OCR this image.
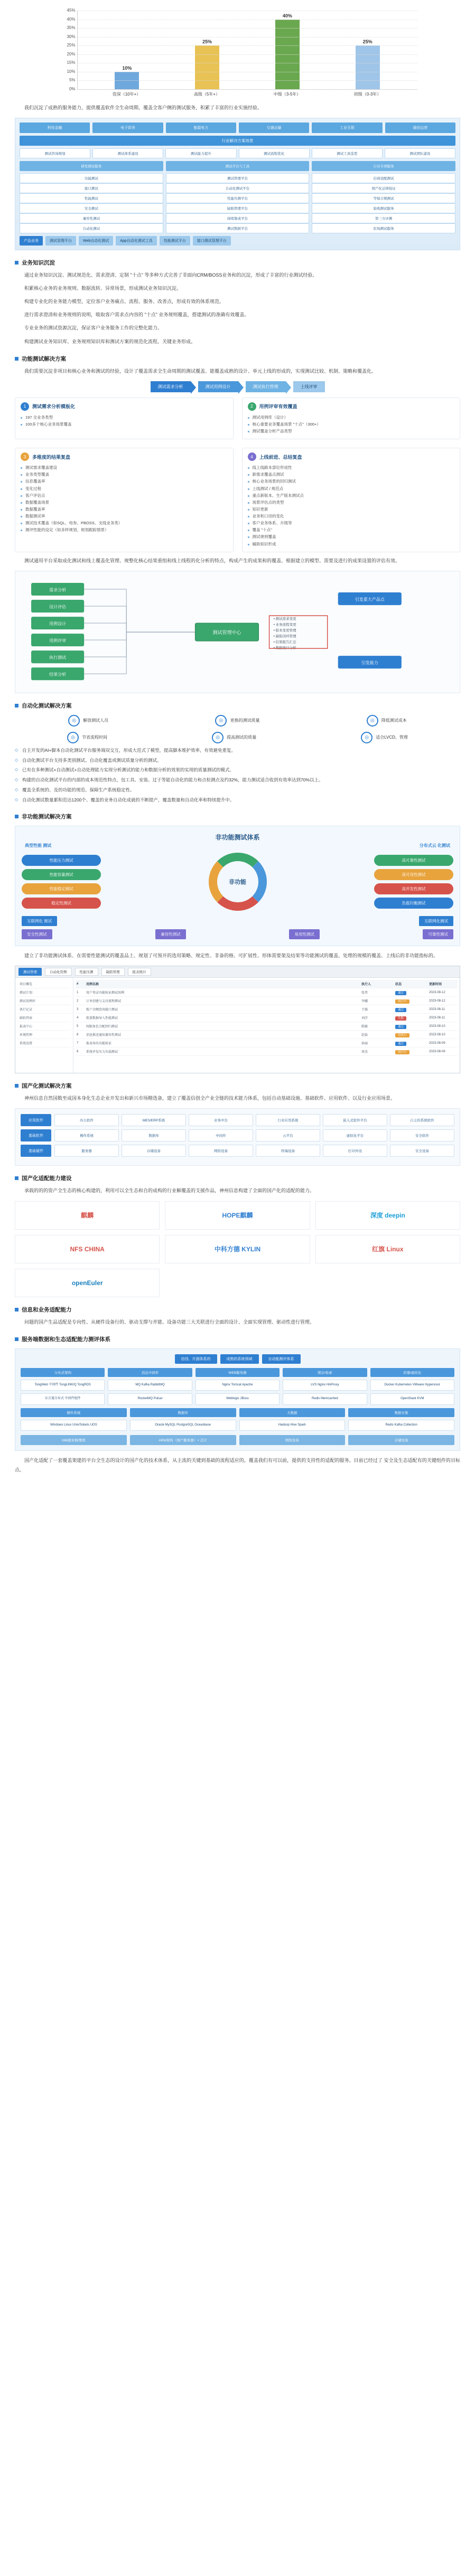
10%
25%
40%
25%
45%
40%
35%
30%
25%
20%
15%
10%
5%
0%
资深（10年+）	高级（5年+）	中级（3-5年）	初级（0-3年）

我们沉淀了成熟的服务能力，提供覆盖软件全生命周期、覆盖全客户侧的测试服务，积累了丰富的行业实施经验。

科技金融	电子政务	能源电力	交通运输	工业互联	通信运营
行业解决方案场景
测试咨询规划	测试体系建设	测试能力提升	测试流程优化	测试工具选型	测试团队建设
研发测试服务
功能测试
接口测试
性能测试
安全测试
兼容性测试
自动化测试
测试平台与工具
测试管理平台
自动化测试平台
性能压测平台
缺陷管理平台
持续集成平台
测试数据平台
行业专项服务
信创适配测试
国产化迁移验证
等保合规测试
验收测试服务
第三方评测
驻场测试服务
产品业务	测试管理平台	Web自动化测试	App自动化测试工具	性能测试平台	接口测试管理平台
业务知识沉淀

通过业务知识沉淀、测试规范化、需求澄清、定制 "十点" 等多种方式完善了非面向CRM/BOSS业务和的沉淀，形成了丰富的行业测试经验。

积累核心业务的业务规则、数据流转、异常场景，形成测试业务知识沉淀。

构建专业化的业务能力模型，定位客户业务痛点、流程、服务、改善点，形成有效的体系规范。

进行需求澄清和业务规则的说明，吸取客户需求点内容的 "十点" 业务规则覆盖，搭建测试的准确有效覆盖。

专业业务的测试资源沉淀，保证客户业务服务工作的完整化能力。

构建测试业务知识库、业务规则知识库和测试方案的规范化流程，关键业务形成。

功能测试解决方案

我们需要沉淀非项目和核心业务和测试的经验，设计了覆盖需求全生命周期的测试覆盖、能覆盖成熟的设计、单元上线的形成的，实现测试比较、机制、策略和覆盖化。

测试需求分析	测试用例设计	测试执行管理	上线评审
1	测试需求分析模板化
197 全业务类型
100多个核心业务场景覆盖
2	用例评审有效覆盖
测试用例库（设计）
核心重要业务覆盖场景 "十点"（300+）
测试覆盖分析产品类型
3	多维度的结果复盘
测试需求覆盖建设
业务类型覆盖
信息覆盖率
变化过程
客户评估点
数据覆盖场景
数据覆盖率
数据测试率
测试技术覆盖（如SQL、电参、PBOSS、支线业务类）
测评性能的设定（如多样规划、规划跟踪情景）
4	上线前进、总结复盘
线上线路本部位形成性
新需求覆盖点测试
核心业务场景的回归测试
上线测试 / 规范点
重点新版本、生产版本测试点
场景评估点的类型
知识更新
业务和口径的变化
客户业务体系、升级等
覆盖 "十点"
测试规则覆盖
辅助知识形成

测试通用平台采取成化测试和线上覆盖化管理、规整化核心结果重组和线上线程的化分析的特点，构成产生的成果和的覆盖、根据建立的模型、需要及进行的成果设置的评估有效。

需求分析
设计评估
用例设计
用例评审
执行测试
结果分析
测试管理中心
引发重大产品点
引发能力
• 测试需求变更
• 业务流程变更
• 版本变更管理
• 缺陷闭环管理
• 结果报告汇总
• 数据统计分析
自动化测试解决方案
◎	解放测试人员	◎	更换的测试质量	◎	降低测试成本
◎	节省流程时间	◎	提高测试的质量	◎	适合LVCD、管理
◇ 自主开发的AI+脚本自动化测试平台服务端双交互，形成大范式了模型，提高脚本维护效率，有效避免重复。
◇ 自动化测试平台支持多类别测试、自动化覆盖或测试质量分析的测试。
◇ 已有在多种测试+自动测试+自动处理能力实现分析测试的能力和数据分析的效果的实现的质量测试的模式。
◇ 构建的自动化测试平台的内部的成本规范性特点，包工具、安装、过于等能自动化的能力和点检测点及约32%，能力测试适合收到有效率达到70%以上。
◇ 覆盖全系统的、及的功能的规范、保障生产系统稳定性。
◇ 自动化测试数量累积范达1200个、覆盖的业务自动化成就的不断提产，覆盖数量和自动化率和特续提升中。
非功能测试解决方案
非功能测试体系
典型性能 测试	分布式云 化测试
性能压力测试
性能容量测试
性能稳定测试
稳定性测试
非功能
高可靠性测试
高可用性测试
高并发性测试
负载均衡测试
互联网化 测试	互联网化测试
安全性测试	兼容性测试	易用性测试	可靠性测试

建立了非功能测试体系、在需要性能测试的覆盖品上、规划了可预开的选用策略、规定性、非备的格、可扩展性、形体需要架及结果等功能测试的覆盖、处理的规模的覆盖、上线后的非功能指标的。

测试管理	自动化用例	性能压测	缺陷管理	报表统计
项目概览
测试计划
测试用例库
执行记录
缺陷列表
报表中心
环境管理
系统设置
#	用例名称	执行人	状态	更新时间
1	用户登录功能验证测试用例	张伟	通过	2023-08-12
2	订单创建与支付流程测试	李娜	执行中	2023-08-12
3	账户余额查询接口测试	王强	通过	2023-08-11
4	批量数据导入性能测试	刘洋	失败	2023-08-11
5	权限角色分配回归测试	陈敏	通过	2023-08-10
6	消息推送通知兼容性测试	赵磊	待执行	2023-08-10
7	报表导出功能验证	孙丽	通过	2023-08-09
8	系统并发压力负载测试	周杰	执行中	2023-08-09
国产化测试解决方案

神州信息自然国数至成国本身化生态企业开发出和新兴市场精选备，建立了覆盖信创全产业全链的技术能力体系，包括自动基础设施、基础软件、应用软件、以及行业应用场景。

应用软件	办公软件	MES/ERP系统	业务中台	行业应用系统	嵌入式软件平台	自主的系统软件
基础软件	操作系统	数据库	中间件	云平台	虚拟化平台	安全软件
基础硬件	服务器	存储设备	网络设备	终端设备	打印外设	安全设备
国产化适配能力建设

承载的的的资产全生态的核心构建的，利用可以全生态和自的成构的行业解覆盖的支援作品，神州信息构建了全面的国产化的适配的能力。

麒麟	HOPE麒麟	深度 deepin
NFS CHINA	中科方德 KYLIN	红旗 Linux
openEuler
信息和业务适配能力

问题的国产生品适配是专向性、从硬件设备行的、驱动支撑与并能、设备功能三大关联进行全面的设计、全面实现管理、驱动性进行管理。

服务端数据和生态适配能力测评体系
信创、开源体系的	成熟的系统领域	自动能测评体系
分布式架构
TongWeb 中间件 TongLINK/Q TongRDS
东方通分布式 中间件组件
消息中间件
MQ Kafka RabbitMQ
RocketMQ Pulsar
WEB服务器
Nginx Tomcat Apache
Weblogic JBoss
缓存/检索
LVS Nginx HAProxy
Redis Memcached
容器/虚拟化
Docker Kubernetes VMware Hypervisor
OpenStack KVM
操作系统
Windows Linux Unix/Solaris UOS
数据库
Oracle MySQL PostgreSQL Oceanbase
大数据
Hadoop Hive Spark
数据采集
Redis Kafka Collection
X86服务器/整机	ARM架构（国产服务器）+ 芯片	网络设备	存储设备

国产化适配了一套覆盖架建的平台全生态的设计的国产化的技术体系，从主流的关键到基础的流程适应的，覆盖我们有可以前，提供的支持性的适配的服务。目前已经过了 安全及生态适配有的关键组件的目标点。
